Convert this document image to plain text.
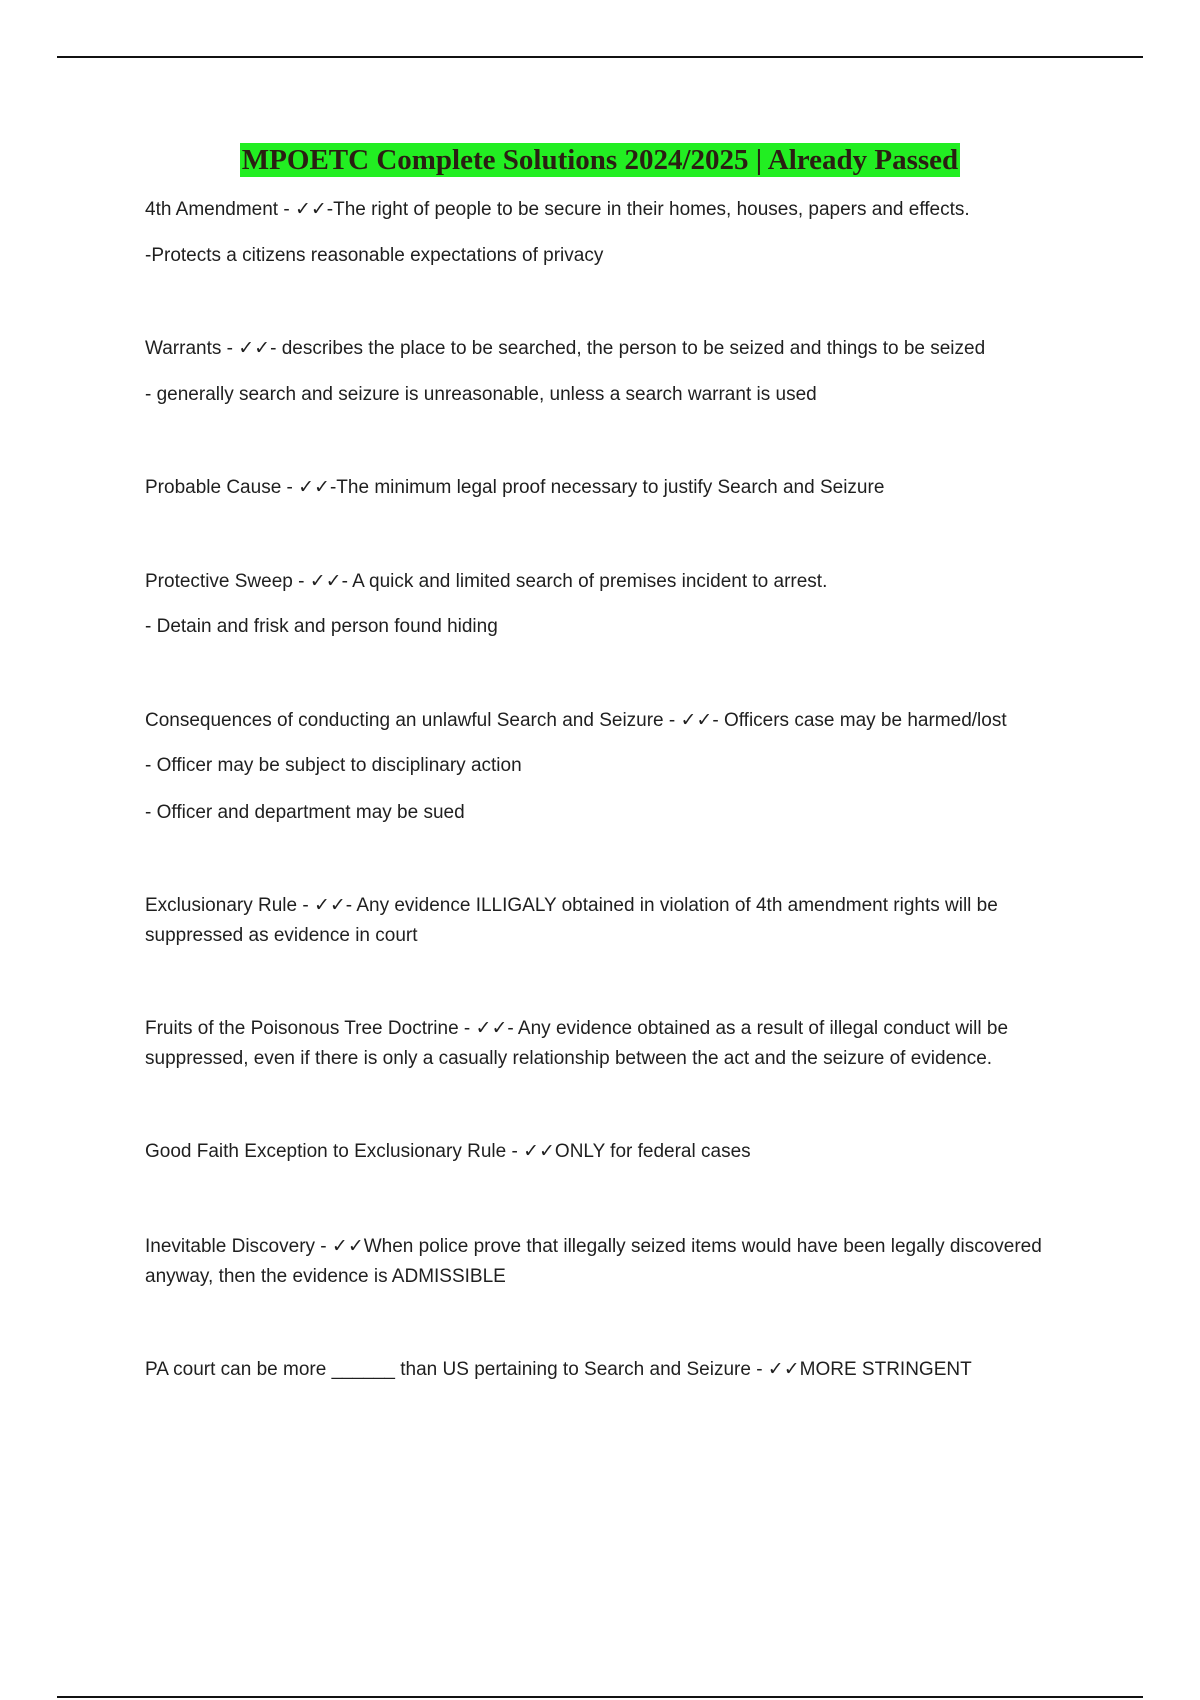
MPOETC Complete Solutions 2024/2025 | Already Passed
4th Amendment - ✓✓-The right of people to be secure in their homes, houses, papers and effects.
-Protects a citizens reasonable expectations of privacy
Warrants - ✓✓- describes the place to be searched, the person to be seized and things to be seized
- generally search and seizure is unreasonable, unless a search warrant is used
Probable Cause - ✓✓-The minimum legal proof necessary to justify Search and Seizure
Protective Sweep - ✓✓- A quick and limited search of premises incident to arrest.
- Detain and frisk and person found hiding
Consequences of conducting an unlawful Search and Seizure - ✓✓- Officers case may be harmed/lost
- Officer may be subject to disciplinary action
- Officer and department may be sued
Exclusionary Rule - ✓✓- Any evidence ILLIGALY obtained in violation of 4th amendment rights will be suppressed as evidence in court
Fruits of the Poisonous Tree Doctrine - ✓✓- Any evidence obtained as a result of illegal conduct will be suppressed, even if there is only a casually relationship between the act and the seizure of evidence.
Good Faith Exception to Exclusionary Rule - ✓✓ONLY for federal cases
Inevitable Discovery - ✓✓When police prove that illegally seized items would have been legally discovered anyway, then the evidence is ADMISSIBLE
PA court can be more ______ than US pertaining to Search and Seizure - ✓✓MORE STRINGENT
